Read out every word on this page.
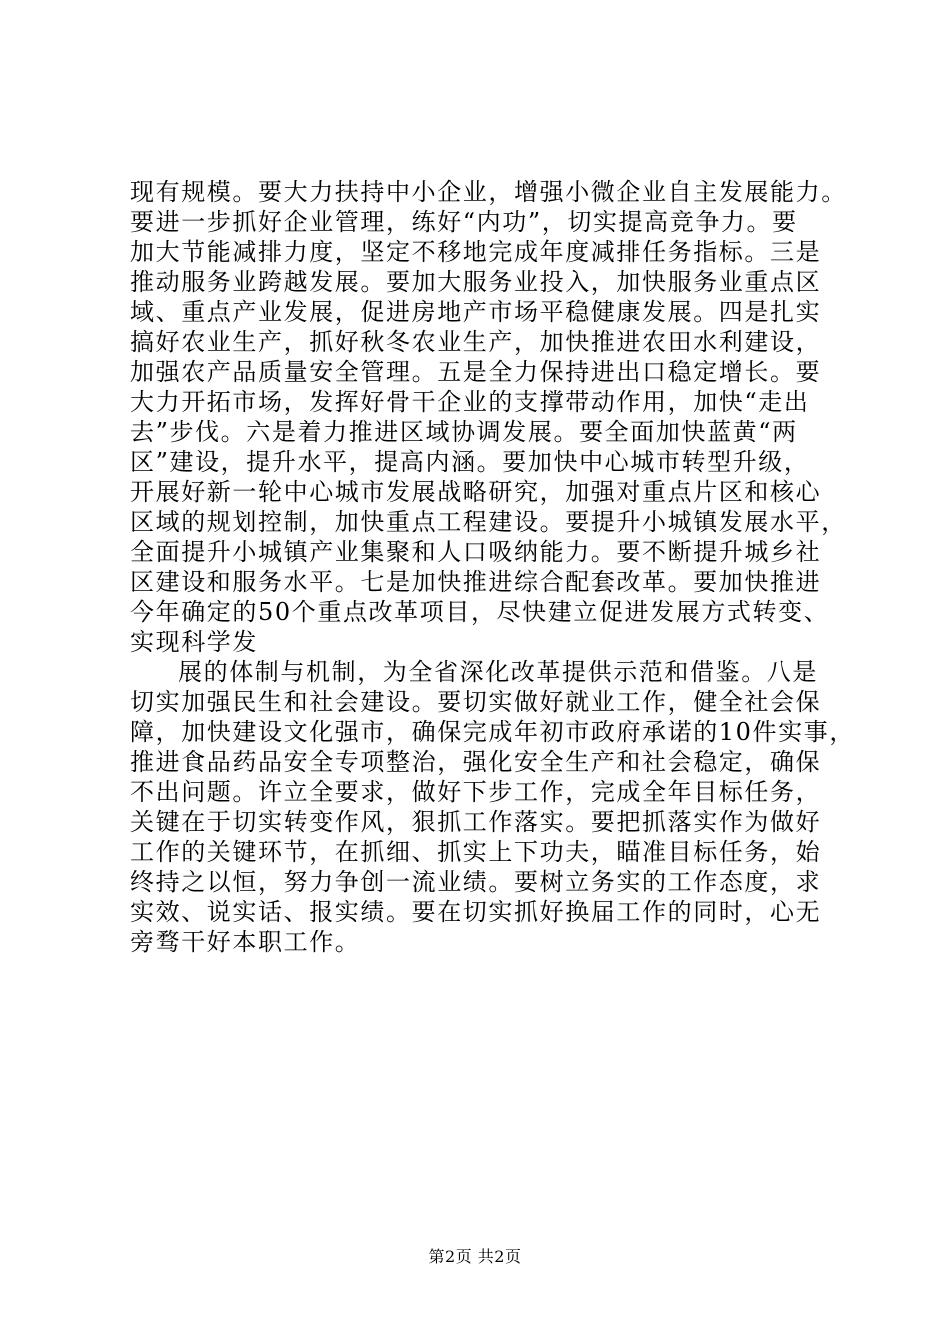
现有规模。要大力扶持中小企业，增强小微企业自主发展能力。
要进一步抓好企业管理，练好“内功”，切实提高竞争力。要
加大节能减排力度，坚定不移地完成年度减排任务指标。三是
推动服务业跨越发展。要加大服务业投入，加快服务业重点区
域、重点产业发展，促进房地产市场平稳健康发展。四是扎实
搞好农业生产，抓好秋冬农业生产，加快推进农田水利建设，
加强农产品质量安全管理。五是全力保持进出口稳定增长。要
大力开拓市场，发挥好骨干企业的支撑带动作用，加快“走出
去”步伐。六是着力推进区域协调发展。要全面加快蓝黄“两
区”建设，提升水平，提高内涵。要加快中心城市转型升级，
开展好新一轮中心城市发展战略研究，加强对重点片区和核心
区域的规划控制，加快重点工程建设。要提升小城镇发展水平，
全面提升小城镇产业集聚和人口吸纳能力。要不断提升城乡社
区建设和服务水平。七是加快推进综合配套改革。要加快推进
今年确定的50个重点改革项目，尽快建立促进发展方式转变、
实现科学发
展的体制与机制，为全省深化改革提供示范和借鉴。八是
切实加强民生和社会建设。要切实做好就业工作，健全社会保
障，加快建设文化强市，确保完成年初市政府承诺的10件实事，
推进食品药品安全专项整治，强化安全生产和社会稳定，确保
不出问题。许立全要求，做好下步工作，完成全年目标任务，
关键在于切实转变作风，狠抓工作落实。要把抓落实作为做好
工作的关键环节，在抓细、抓实上下功夫，瞄准目标任务，始
终持之以恒，努力争创一流业绩。要树立务实的工作态度，求
实效、说实话、报实绩。要在切实抓好换届工作的同时，心无
旁骛干好本职工作。
第2页 共2页
